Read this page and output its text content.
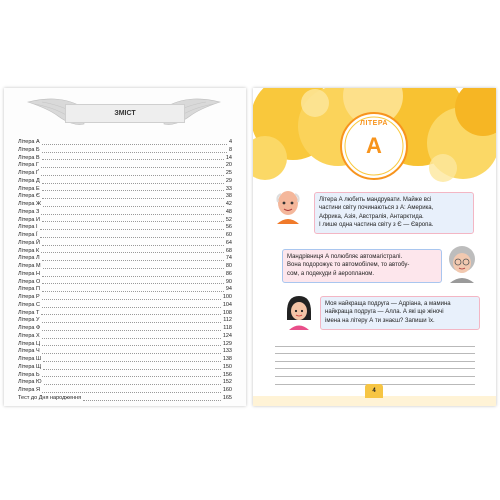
ЗМІСТ
Літера А	4
Літера Б	8
Літера В	14
Літера Г	20
Літера Ґ	25
Літера Д	29
Літера Е	33
Літера Є	38
Літера Ж	42
Літера З	48
Літера И	52
Літера І	56
Літера Ї	60
Літера Й	64
Літера К	68
Літера Л	74
Літера М	80
Літера Н	86
Літера О	90
Літера П	94
Літера Р	100
Літера С	104
Літера Т	108
Літера У	112
Літера Ф	118
Літера Х	124
Літера Ц	129
Літера Ч	133
Літера Ш	138
Літера Щ	150
Літера Ь	156
Літера Ю	152
Літера Я	160
Тест до Дня народження	165
ЛІТЕРА
А

Літера А любить мандрувати. Майже всі

частини світу починаються з А: Америка,

Африка, Азія, Австралія, Антарктида.

І лише одна частина світу з Є — Європа.

Мандрівниця А полюбляє автомагістралі.

Вона подорожує то автомобілем, то автобу-

сом, а подекуди й аеропланом.

Моя найкраща подруга — Адріана, а мамина

найкраща подруга — Алла. А які ще жіночі

імена на літеру А ти знаєш? Запиши їх.

4
